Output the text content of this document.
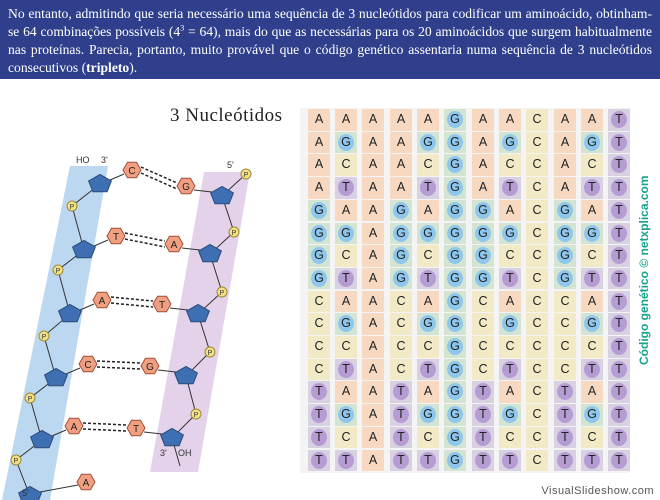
No entanto, admitindo que seria necessário uma sequência de 3 nucleótidos para codificar um aminoácido, obtinham-se 64 combinações possíveis $(4^3 = 64)$, mais do que as necessárias para os 20 aminoácidos que surgem habitualmente nas proteínas. Parecia, portanto, muito provável que o código genético assentaria numa sequência de 3 nucleótidos consecutivos (tripleto).

3 Nucleótidos
C
G
T
A
A	T
C	G
A	T
A
P
P
P
P
P
P
P
P
P
P
HO 3'	5'
3' OH
5'
A	A	A	A	A	G	A	A	C	A	A	T
A	G	A	A	G	G	A	G	C	A	G	T
A	C	A	A	C	G	A	C	C	A	C	T
A	T	A	A	T	G	A	T	C	A	T	T
G	A	A	G	A	G	G	A	C	G	A	T
G	G	A	G	G	G	G	G	C	G	G	T
G	C	A	G	C	G	G	C	C	G	C	T
G	T	A	G	T	G	G	T	C	G	T	T
C	A	A	C	A	G	C	A	C	C	A	T
C	G	A	C	G	G	C	G	C	C	G	T
C	C	A	C	C	G	C	C	C	C	C	T
C	T	A	C	T	G	C	T	C	C	T	T
T	A	A	T	A	G	T	A	C	T	A	T
T	G	A	T	G	G	T	G	C	T	G	T
T	C	A	T	C	G	T	C	C	T	C	T
T	T	A	T	T	G	T	T	C	T	T	T
Código genético © netxplica.com
VisualSlideshow.com
